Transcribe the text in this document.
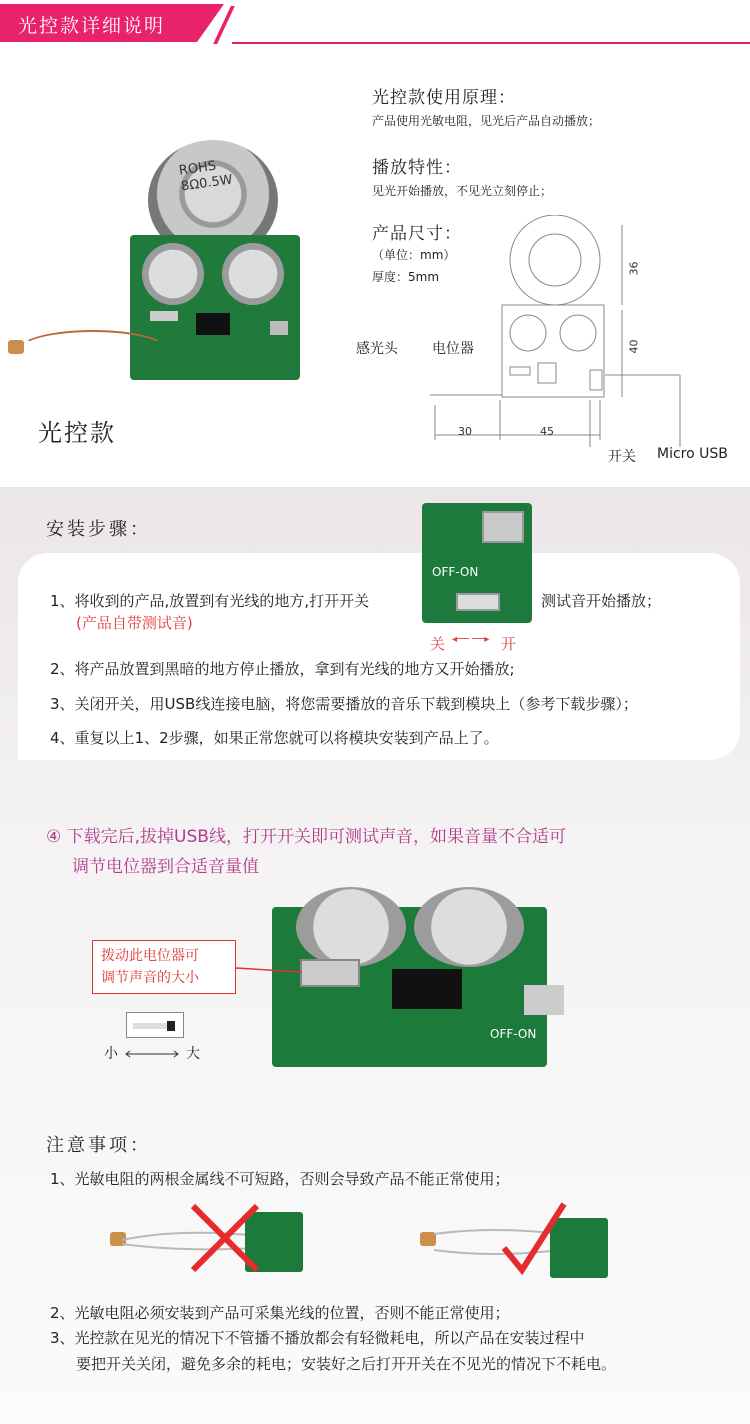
光控款详细说明
ROHS
8Ω0.5W
光控款
光控款使用原理：
产品使用光敏电阻，见光后产品自动播放；
播放特性：
见光开始播放，不见光立刻停止；
产品尺寸：
（单位：mm）
厚度：5mm
感光头 电位器
36
40
30	45
开关 Micro USB
安装步骤：
OFF-ON
1、将收到的产品,放置到有光线的地方,打开开关	测试音开始播放；
(产品自带测试音)
关 ◂── ──▸ 开
2、将产品放置到黑暗的地方停止播放，拿到有光线的地方又开始播放;
3、关闭开关，用USB线连接电脑，将您需要播放的音乐下载到模块上（参考下载步骤）；
4、重复以上1、2步骤，如果正常您就可以将模块安装到产品上了。
④ 下载完后,拔掉USB线，打开开关即可测试声音，如果音量不合适可
调节电位器到合适音量值
OFF-ON
拨动此电位器可
调节声音的大小
小	大
注意事项：
1、光敏电阻的两根金属线不可短路，否则会导致产品不能正常使用；
2、光敏电阻必须安装到产品可采集光线的位置，否则不能正常使用；
3、光控款在见光的情况下不管播不播放都会有轻微耗电，所以产品在安装过程中
要把开关关闭，避免多余的耗电；安装好之后打开开关在不见光的情况下不耗电。
